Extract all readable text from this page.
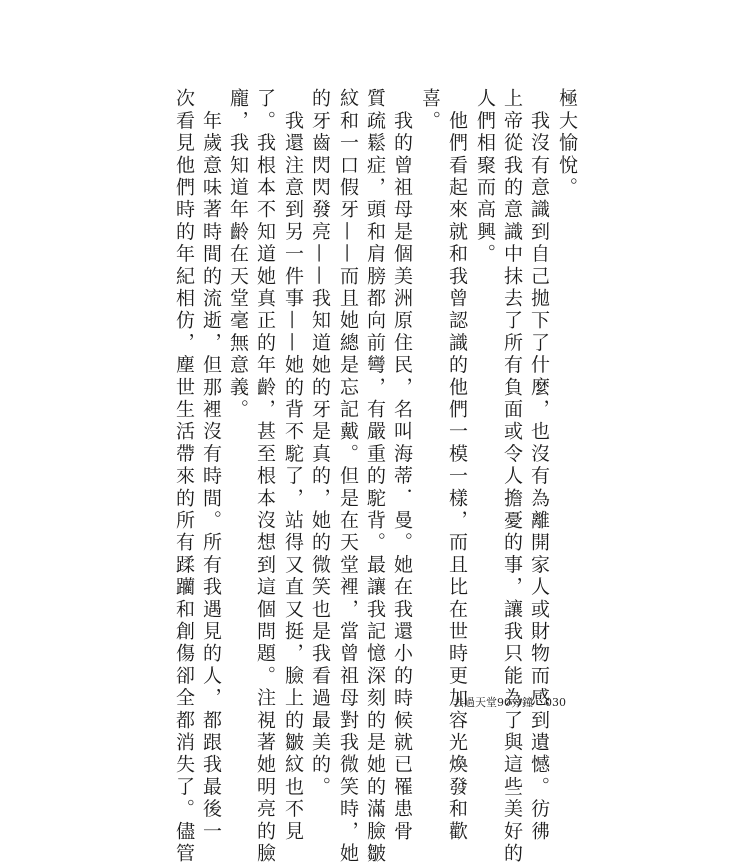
極大愉悅。
　我沒有意識到自己拋下了什麼，也沒有為離開家人或財物而感到遺憾。彷彿
上帝從我的意識中抹去了所有負面或令人擔憂的事，讓我只能為了與這些美好的
人們相聚而高興。
　他們看起來就和我曾認識的他們一模一樣，而且比在世時更加容光煥發和歡
喜。
　我的曾祖母是個美洲原住民，名叫海蒂．曼。她在我還小的時候就已罹患骨
質疏鬆症，頭和肩膀都向前彎，有嚴重的駝背。最讓我記憶深刻的是她的滿臉皺
紋和一口假牙——而且她總是忘記戴。但是在天堂裡，當曾祖母對我微笑時，她
的牙齒閃閃發亮——我知道她的牙是真的，她的微笑也是我看過最美的。
　我還注意到另一件事——她的背不駝了，站得又直又挺，臉上的皺紋也不見
了。我根本不知道她真正的年齡，甚至根本沒想到這個問題。注視著她明亮的臉
龐，我知道年齡在天堂毫無意義。
　年歲意味著時間的流逝，但那裡沒有時間。所有我遇見的人，都跟我最後一
次看見他們時的年紀相仿，塵世生活帶來的所有蹂躪和創傷卻全都消失了。儘管	去過天堂90分鐘 030
